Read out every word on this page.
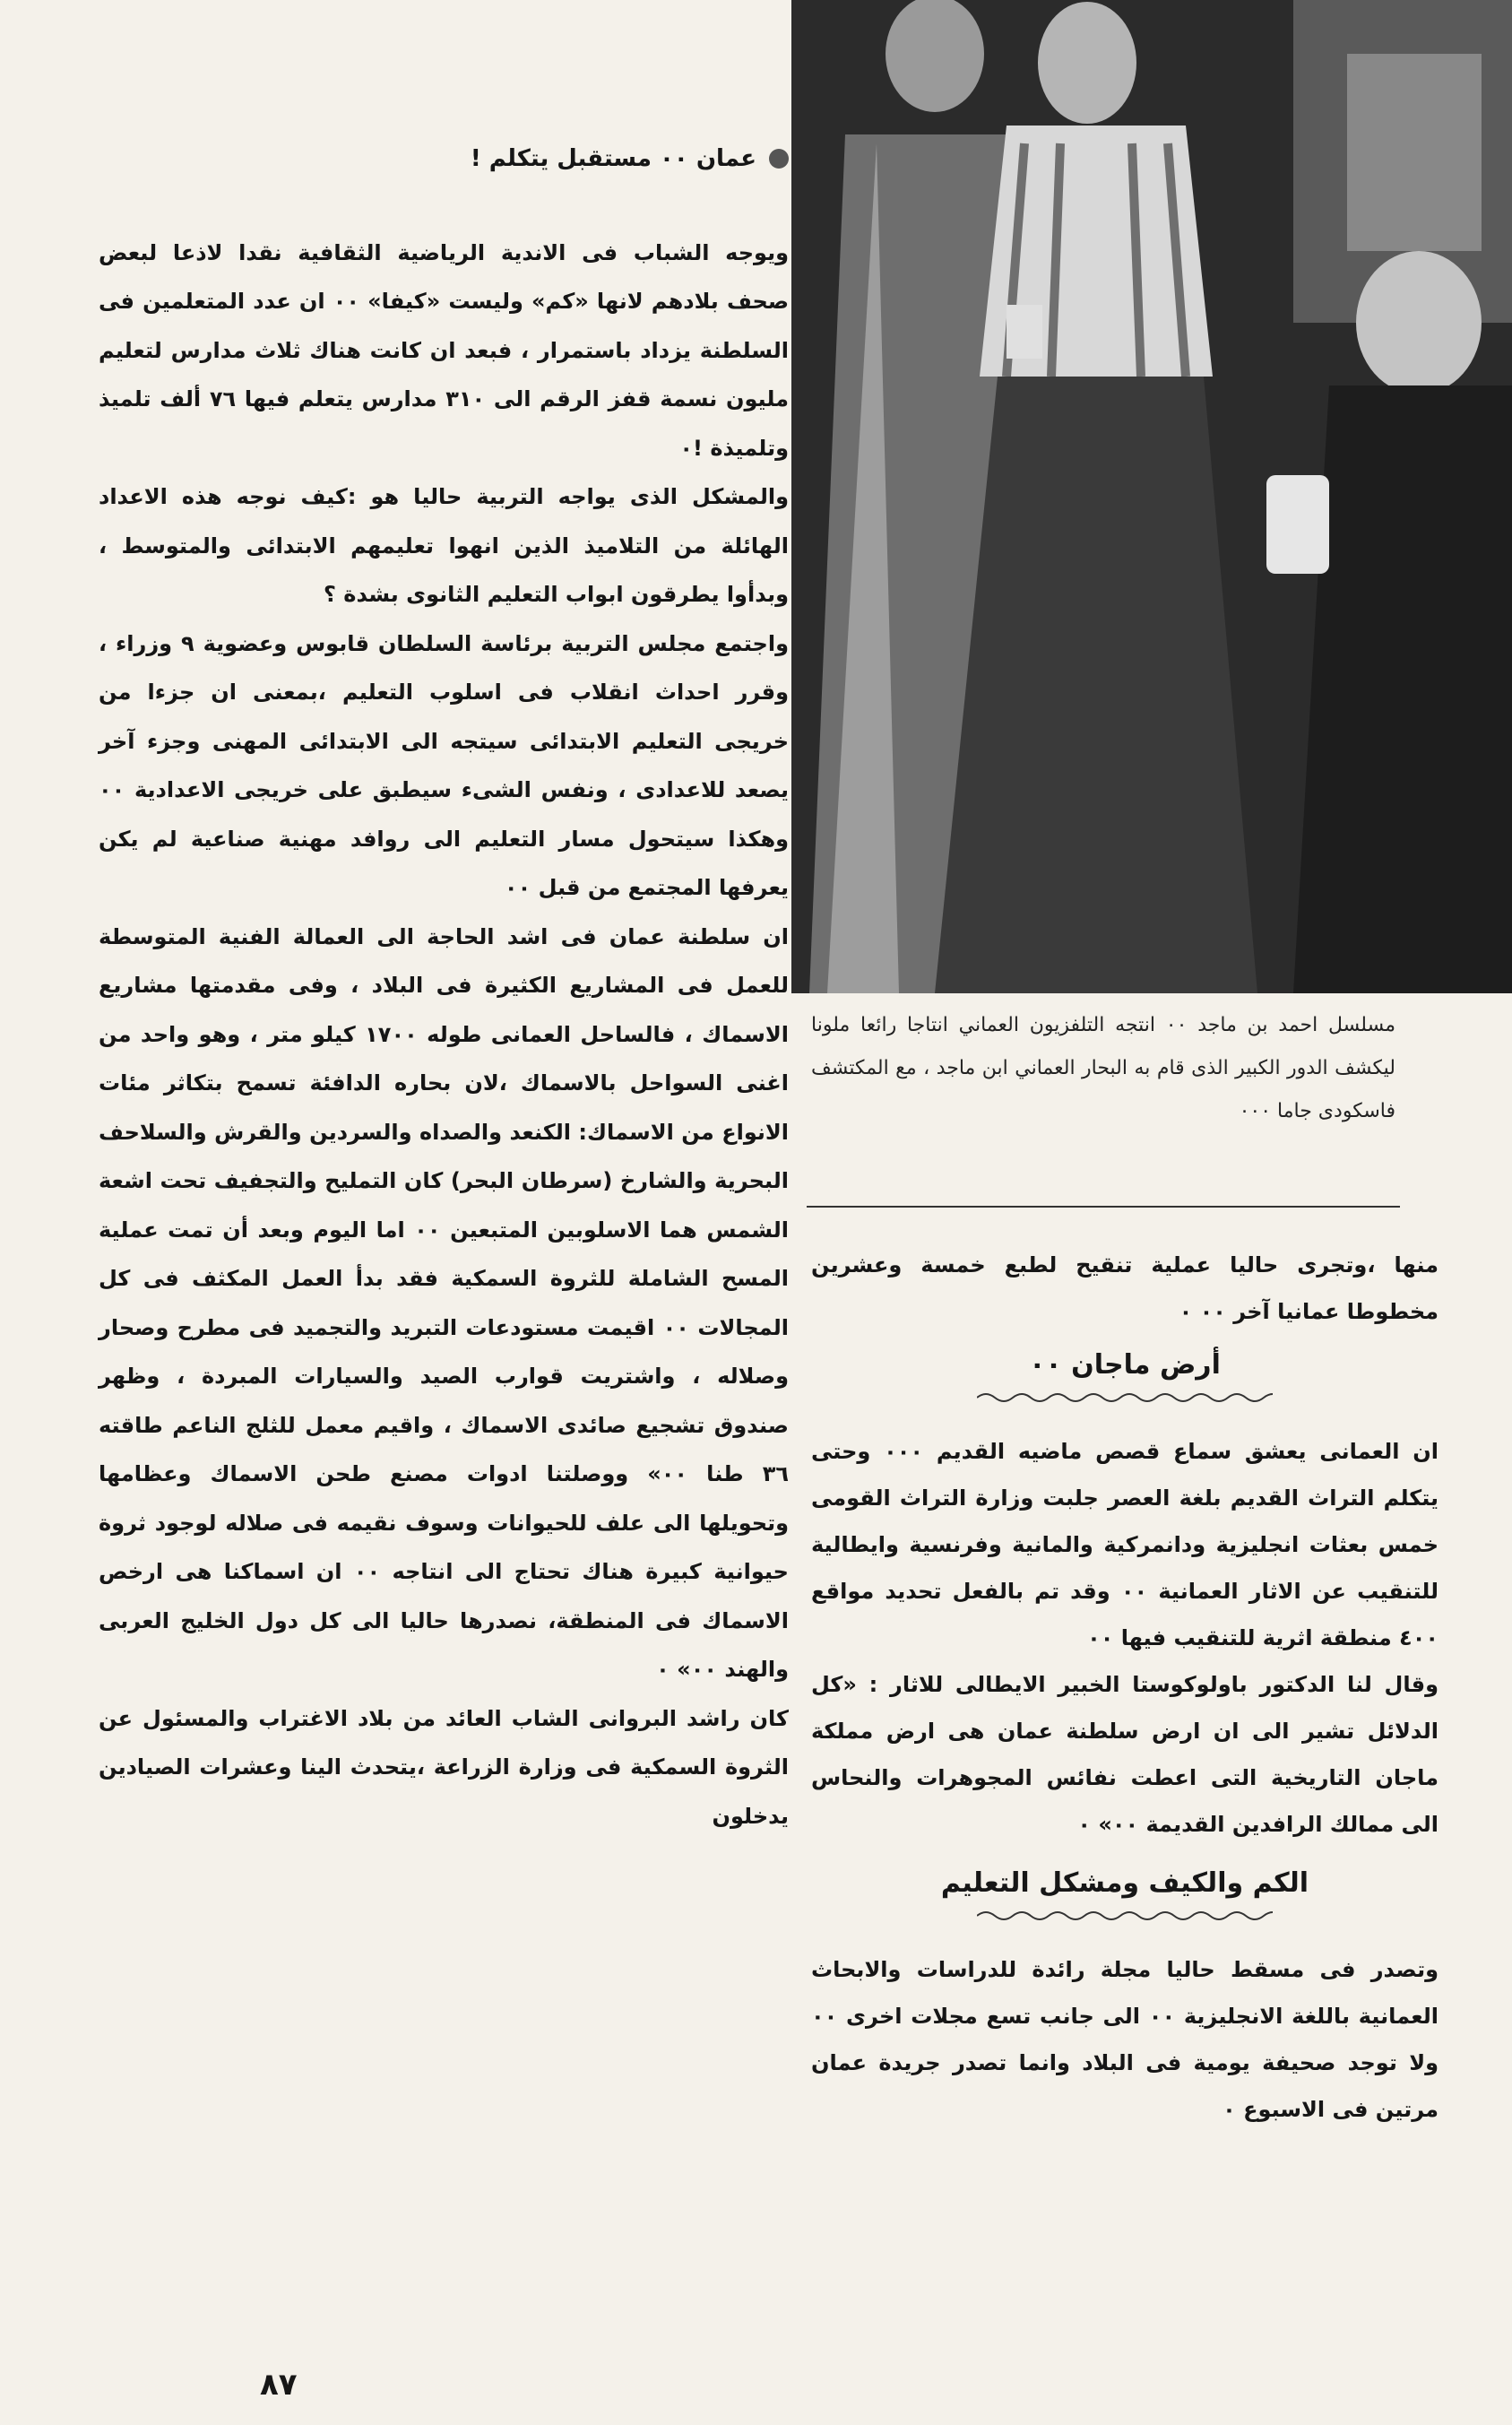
عمان ٠٠ مستقبل يتكلم !

ويوجه الشباب فى الاندية الرياضية الثقافية نقدا لاذعا لبعض صحف بلادهم لانها «كم» وليست «كيفا» ٠٠ ان عدد المتعلمين فى السلطنة يزداد باستمرار ، فبعد ان كانت هناك ثلاث مدارس لتعليم مليون نسمة قفز الرقم الى ٣١٠ مدارس يتعلم فيها ٧٦ ألف تلميذ وتلميذة !٠

والمشكل الذى يواجه التربية حاليا هو :كيف نوجه هذه الاعداد الهائلة من التلاميذ الذين انهوا تعليمهم الابتدائى والمتوسط ، وبدأوا يطرقون ابواب التعليم الثانوى بشدة ؟

واجتمع مجلس التربية برئاسة السلطان قابوس وعضوية ٩ وزراء ، وقرر احداث انقلاب فى اسلوب التعليم ،بمعنى ان جزءا من خريجى التعليم الابتدائى سيتجه الى الابتدائى المهنى وجزء آخر يصعد للاعدادى ، ونفس الشىء سيطبق على خريجى الاعدادية ٠٠ وهكذا سيتحول مسار التعليم الى روافد مهنية صناعية لم يكن يعرفها المجتمع من قبل ٠٠

ان سلطنة عمان فى اشد الحاجة الى العمالة الفنية المتوسطة للعمل فى المشاريع الكثيرة فى البلاد ، وفى مقدمتها مشاريع الاسماك ، فالساحل العمانى طوله ١٧٠٠ كيلو متر ، وهو واحد من اغنى السواحل بالاسماك ،لان بحاره الدافئة تسمح بتكاثر مئات الانواع من الاسماك: الكنعد والصداه والسردين والقرش والسلاحف البحرية والشارخ (سرطان البحر) كان التمليح والتجفيف تحت اشعة الشمس هما الاسلوبين المتبعين ٠٠ اما اليوم وبعد أن تمت عملية المسح الشاملة للثروة السمكية فقد بدأ العمل المكثف فى كل المجالات ٠٠ اقيمت مستودعات التبريد والتجميد فى مطرح وصحار وصلاله ، واشتريت قوارب الصيد والسيارات المبردة ، وظهر صندوق تشجيع صائدى الاسماك ، واقيم معمل للثلج الناعم طاقته ٣٦ طنا ٠٠» ووصلتنا ادوات مصنع طحن الاسماك وعظامها وتحويلها الى علف للحيوانات وسوف نقيمه فى صلاله لوجود ثروة حيوانية كبيرة هناك تحتاج الى انتاجه ٠٠ ان اسماكنا هى ارخص الاسماك فى المنطقة، نصدرها حاليا الى كل دول الخليج العربى والهند ٠٠» ٠

كان راشد البروانى الشاب العائد من بلاد الاغتراب والمسئول عن الثروة السمكية فى وزارة الزراعة ،يتحدث الينا وعشرات الصيادين يدخلون

مسلسل احمد بن ماجد ٠٠ انتجه التلفزيون العماني انتاجا رائعا ملونا ليكشف الدور الكبير الذى قام به البحار العماني ابن ماجد ، مع المكتشف فاسكودى جاما ٠٠٠

منها ،وتجرى حاليا عملية تنقيح لطبع خمسة وعشرين مخطوطا عمانيا آخر ٠٠ ٠

أرض ماجان ٠٠

ان العمانى يعشق سماع قصص ماضيه القديم ٠٠٠ وحتى يتكلم التراث القديم بلغة العصر جلبت وزارة التراث القومى خمس بعثات انجليزية ودانمركية والمانية وفرنسية وايطالية للتنقيب عن الاثار العمانية ٠٠ وقد تم بالفعل تحديد مواقع ٤٠٠ منطقة اثرية للتنقيب فيها ٠٠

وقال لنا الدكتور باولوكوستا الخبير الايطالى للاثار : «كل الدلائل تشير الى ان ارض سلطنة عمان هى ارض مملكة ماجان التاريخية التى اعطت نفائس المجوهرات والنحاس الى ممالك الرافدين القديمة ٠٠» ٠

الكم والكيف ومشكل التعليم

وتصدر فى مسقط حاليا مجلة رائدة للدراسات والابحاث العمانية باللغة الانجليزية ٠٠ الى جانب تسع مجلات اخرى ٠٠ ولا توجد صحيفة يومية فى البلاد وانما تصدر جريدة عمان مرتين فى الاسبوع ٠

٨٧
